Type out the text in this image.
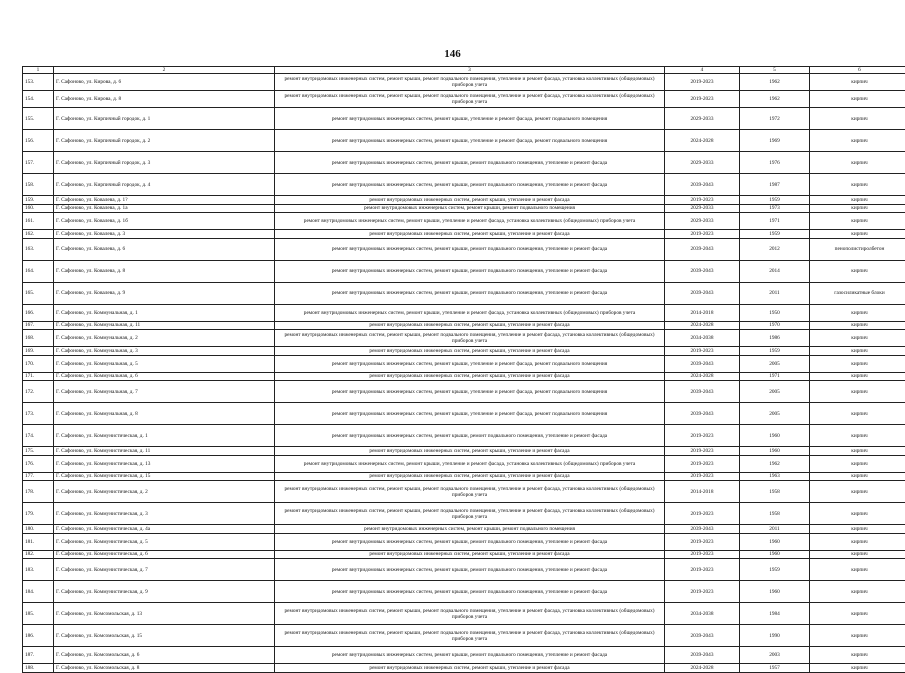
146
1	2	3	4	5	6
153.	Г. Сафоново, ул. Кирова, д. 6	ремонт внутридомовых инженерных систем, ремонт крыши, ремонт подвального помещения, утепление и ремонт фасада, установка коллективных (общедомовых) приборов учета	2019-2023	1962	кирпич
154.	Г. Сафоново, ул. Кирова, д. 8	ремонт внутридомовых инженерных систем, ремонт крыши, ремонт подвального помещения, утепление и ремонт фасада, установка коллективных (общедомовых) приборов учета	2019-2023	1962	кирпич
155.	Г. Сафоново, ул. Кирпичный городок, д. 1	ремонт внутридомовых инженерных систем, ремонт крыши, утепление и ремонт фасада, ремонт подвального помещения	2029-2033	1972	кирпич
156.	Г. Сафоново, ул. Кирпичный городок, д. 2	ремонт внутридомовых инженерных систем, ремонт крыши, утепление и ремонт фасада, ремонт подвального помещения	2024-2028	1969	кирпич
157.	Г. Сафоново, ул. Кирпичный городок, д. 3	ремонт внутридомовых инженерных систем, ремонт крыши, ремонт подвального помещения, утепление и ремонт фасада	2029-2033	1976	кирпич
158.	Г. Сафоново, ул. Кирпичный городок, д. 4	ремонт внутридомовых инженерных систем, ремонт крыши, ремонт подвального помещения, утепление и ремонт фасада	2039-2043	1987	кирпич
159.	Г. Сафоново, ул. Ковалева, д. 1?	ремонт внутридомовых инженерных систем, ремонт крыши, утепление и ремонт фасада	2019-2023	1959	кирпич
160.	Г. Сафоново, ул. Ковалева, д. 1а	ремонт внутридомовых инженерных систем, ремонт крыши, ремонт подвального помещения	2029-2033	1973	кирпич
161.	Г. Сафоново, ул. Ковалева, д. 1б	ремонт внутридомовых инженерных систем, ремонт крыши, утепление и ремонт фасада, установка коллективных (общедомовых) приборов учета	2029-2033	1971	кирпич
162.	Г. Сафоново, ул. Ковалева, д. 3	ремонт внутридомовых инженерных систем, ремонт крыши, утепление и ремонт фасада	2019-2023	1959	кирпич
163.	Г. Сафоново, ул. Ковалева, д. 6	ремонт внутридомовых инженерных систем, ремонт крыши, ремонт подвального помещения, утепление и ремонт фасада	2039-2043	2012	пенополистиролбетон
164.	Г. Сафоново, ул. Ковалева, д. 8	ремонт внутридомовых инженерных систем, ремонт крыши, ремонт подвального помещения, утепление и ремонт фасада	2039-2043	2014	кирпич
165.	Г. Сафоново, ул. Ковалева, д. 9	ремонт внутридомовых инженерных систем, ремонт крыши, ремонт подвального помещения, утепление и ремонт фасада	2039-2043	2011	газосиликатные блоки
166.	Г. Сафоново, ул. Коммунальная, д. 1	ремонт внутридомовых инженерных систем, ремонт крыши, утепление и ремонт фасада, установка коллективных (общедомовых) приборов учета	2014-2018	1950	кирпич
167.	Г. Сафоново, ул. Коммунальная, д. 11	ремонт внутридомовых инженерных систем, ремонт крыши, утепление и ремонт фасада	2024-2028	1970	кирпич
168.	Г. Сафоново, ул. Коммунальная, д. 2	ремонт внутридомовых инженерных систем, ремонт крыши, ремонт подвального помещения, утепление и ремонт фасада, установка коллективных (общедомовых) приборов учета	2034-2038	1986	кирпич
169.	Г. Сафоново, ул. Коммунальная, д. 3	ремонт внутридомовых инженерных систем, ремонт крыши, утепление и ремонт фасада	2019-2023	1959	кирпич
170.	Г. Сафоново, ул. Коммунальная, д. 5	ремонт внутридомовых инженерных систем, ремонт крыши, утепление и ремонт фасада, ремонт подвального помещения	2039-2043	2005	кирпич
171.	Г. Сафоново, ул. Коммунальная, д. 6	ремонт внутридомовых инженерных систем, ремонт крыши, утепление и ремонт фасада	2024-2028	1971	кирпич
172.	Г. Сафоново, ул. Коммунальная, д. 7	ремонт внутридомовых инженерных систем, ремонт крыши, утепление и ремонт фасада, ремонт подвального помещения	2039-2043	2005	кирпич
173.	Г. Сафоново, ул. Коммунальная, д. 8	ремонт внутридомовых инженерных систем, ремонт крыши, утепление и ремонт фасада, ремонт подвального помещения	2039-2043	2005	кирпич
174.	Г. Сафоново, ул. Коммунистическая, д. 1	ремонт внутридомовых инженерных систем, ремонт крыши, ремонт подвального помещения, утепление и ремонт фасада	2019-2023	1960	кирпич
175.	Г. Сафоново, ул. Коммунистическая, д. 11	ремонт внутридомовых инженерных систем, ремонт крыши, утепление и ремонт фасада	2019-2023	1960	кирпич
176.	Г. Сафоново, ул. Коммунистическая, д. 13	ремонт внутридомовых инженерных систем, ремонт крыши, утепление и ремонт фасада, установка коллективных (общедомовых) приборов учета	2019-2023	1962	кирпич
177.	Г. Сафоново, ул. Коммунистическая, д. 15	ремонт внутридомовых инженерных систем, ремонт крыши, утепление и ремонт фасада	2019-2023	1963	кирпич
178.	Г. Сафоново, ул. Коммунистическая, д. 2	ремонт внутридомовых инженерных систем, ремонт крыши, ремонт подвального помещения, утепление и ремонт фасада, установка коллективных (общедомовых) приборов учета	2014-2018	1958	кирпич
179.	Г. Сафоново, ул. Коммунистическая, д. 3	ремонт внутридомовых инженерных систем, ремонт крыши, ремонт подвального помещения, утепление и ремонт фасада, установка коллективных (общедомовых) приборов учета	2019-2023	1958	кирпич
180.	Г. Сафоново, ул. Коммунистическая, д. 4а	ремонт внутридомовых инженерных систем, ремонт крыши, ремонт подвального помещения	2039-2043	2011	кирпич
181.	Г. Сафоново, ул. Коммунистическая, д. 5	ремонт внутридомовых инженерных систем, ремонт крыши, ремонт подвального помещения, утепление и ремонт фасада	2019-2023	1960	кирпич
182.	Г. Сафоново, ул. Коммунистическая, д. 6	ремонт внутридомовых инженерных систем, ремонт крыши, утепление и ремонт фасада	2019-2023	1960	кирпич
183.	Г. Сафоново, ул. Коммунистическая, д. 7	ремонт внутридомовых инженерных систем, ремонт крыши, ремонт подвального помещения, утепление и ремонт фасада	2019-2023	1959	кирпич
184.	Г. Сафоново, ул. Коммунистическая, д. 9	ремонт внутридомовых инженерных систем, ремонт крыши, ремонт подвального помещения, утепление и ремонт фасада	2019-2023	1960	кирпич
185.	Г. Сафоново, ул. Комсомольская, д. 13	ремонт внутридомовых инженерных систем, ремонт крыши, ремонт подвального помещения, утепление и ремонт фасада, установка коллективных (общедомовых) приборов учета	2034-2038	1984	кирпич
186.	Г. Сафоново, ул. Комсомольская, д. 15	ремонт внутридомовых инженерных систем, ремонт крыши, ремонт подвального помещения, утепление и ремонт фасада, установка коллективных (общедомовых) приборов учета	2039-2043	1990	кирпич
187.	Г. Сафоново, ул. Комсомольская, д. 6	ремонт внутридомовых инженерных систем, ремонт крыши, ремонт подвального помещения, утепление и ремонт фасада	2039-2043	2003	кирпич
188.	Г. Сафоново, ул. Комсомольская, д. 8	ремонт внутридомовых инженерных систем, ремонт крыши, утепление и ремонт фасада	2024-2028	1957	кирпич
